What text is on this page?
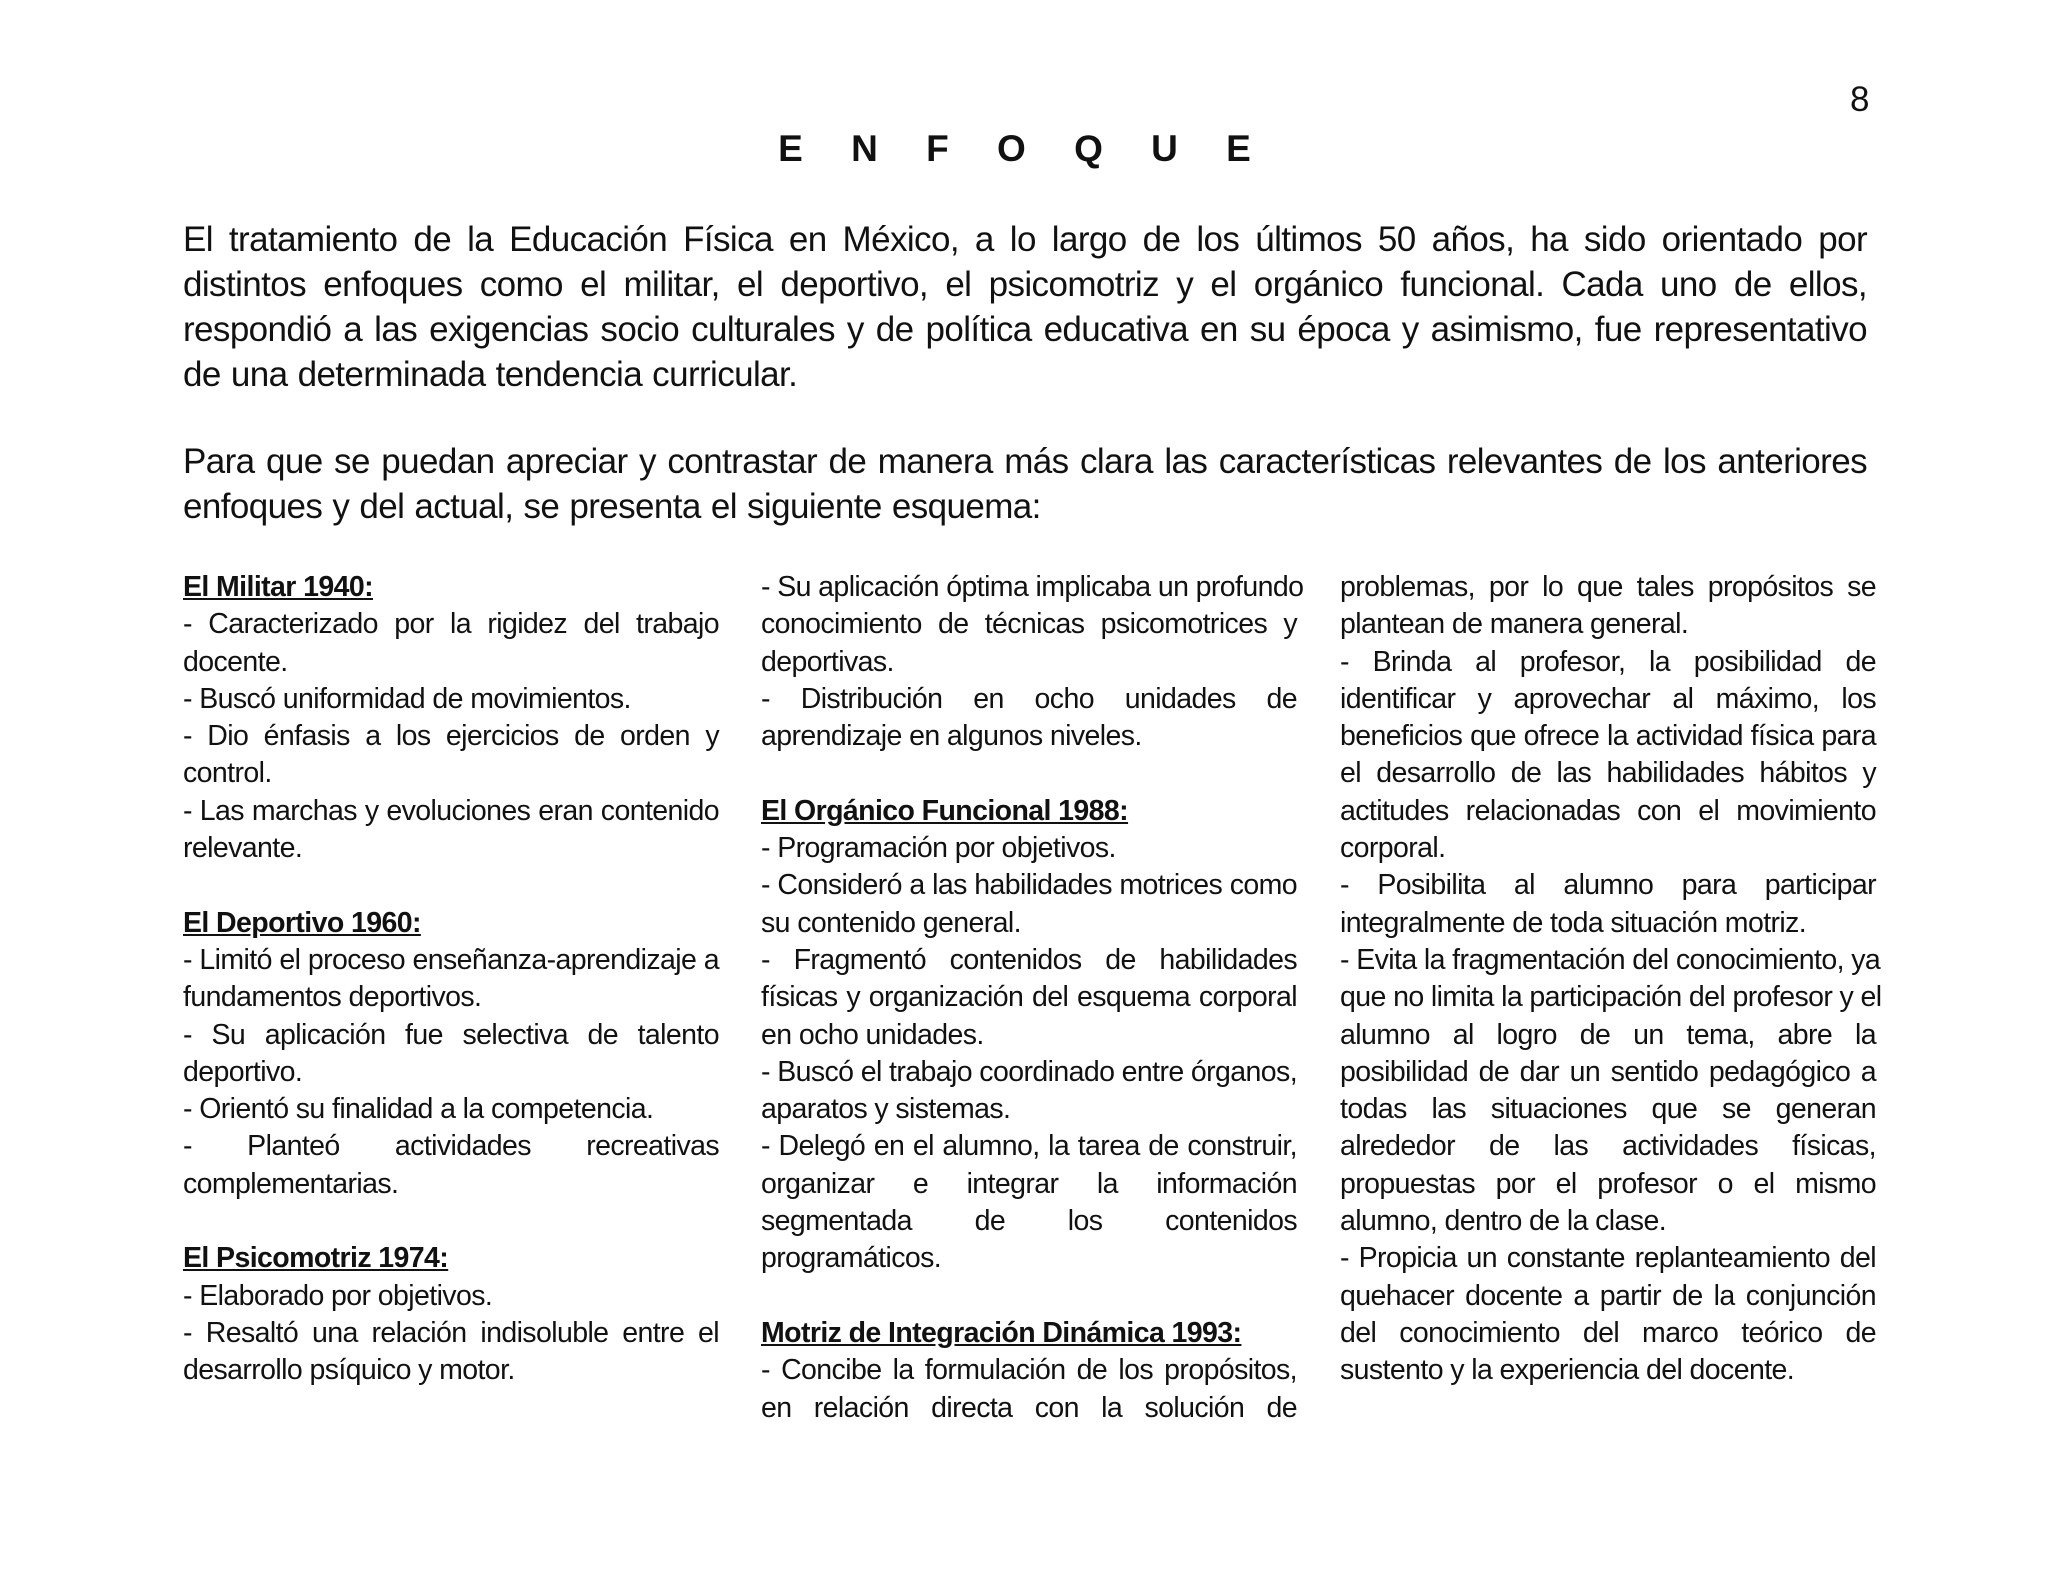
8
E N F O Q U E

El tratamiento de la Educación Física en México, a lo largo de los últimos 50 años, ha sido orientado por distintos enfoques como el militar, el deportivo, el psicomotriz y el orgánico funcional. Cada uno de ellos, respondió a las exigencias socio culturales y de política educativa en su época y asimismo, fue representativo de una determinada tendencia curricular.

Para que se puedan apreciar y contrastar de manera más clara las características relevantes de los anteriores enfoques y del actual, se presenta el siguiente esquema:

El Militar 1940:
- Caracterizado por la rigidez del trabajo
docente.
- Buscó uniformidad de movimientos.
- Dio énfasis a los ejercicios de orden y
control.
- Las marchas y evoluciones eran contenido
relevante.
El Deportivo 1960:
- Limitó el proceso enseñanza-aprendizaje a
fundamentos deportivos.
- Su aplicación fue selectiva de talento
deportivo.
- Orientó su finalidad a la competencia.
- Planteó actividades recreativas
complementarias.
El Psicomotriz 1974:
- Elaborado por objetivos.
- Resaltó una relación indisoluble entre el
desarrollo psíquico y motor.
- Su aplicación óptima implicaba un profundo
conocimiento de técnicas psicomotrices y
deportivas.
- Distribución en ocho unidades de
aprendizaje en algunos niveles.
El Orgánico Funcional 1988:
- Programación por objetivos.
- Consideró a las habilidades motrices como
su contenido general.
- Fragmentó contenidos de habilidades
físicas y organización del esquema corporal
en ocho unidades.
- Buscó el trabajo coordinado entre órganos,
aparatos y sistemas.
- Delegó en el alumno, la tarea de construir,
organizar e integrar la información
segmentada de los contenidos
programáticos.
Motriz de Integración Dinámica 1993:
- Concibe la formulación de los propósitos,
en relación directa con la solución de
problemas, por lo que tales propósitos se
plantean de manera general.
- Brinda al profesor, la posibilidad de
identificar y aprovechar al máximo, los
beneficios que ofrece la actividad física para
el desarrollo de las habilidades hábitos y
actitudes relacionadas con el movimiento
corporal.
- Posibilita al alumno para participar
integralmente de toda situación motriz.
- Evita la fragmentación del conocimiento, ya
que no limita la participación del profesor y el
alumno al logro de un tema, abre la
posibilidad de dar un sentido pedagógico a
todas las situaciones que se generan
alrededor de las actividades físicas,
propuestas por el profesor o el mismo
alumno, dentro de la clase.
- Propicia un constante replanteamiento del
quehacer docente a partir de la conjunción
del conocimiento del marco teórico de
sustento y la experiencia del docente.
